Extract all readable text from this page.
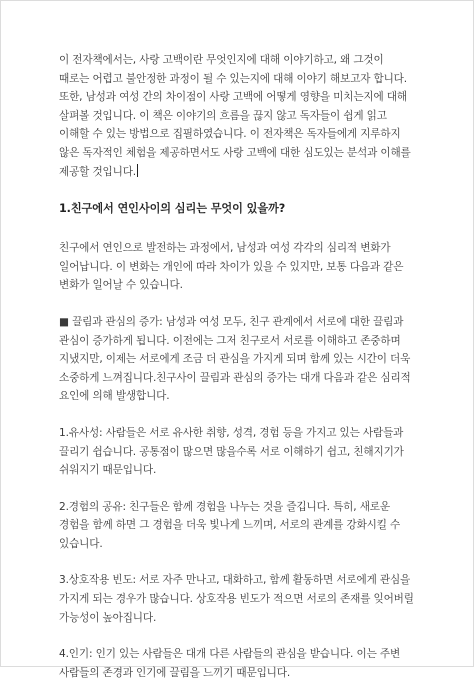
이 전자책에서는, 사랑 고백이란 무엇인지에 대해 이야기하고, 왜 그것이 때로는 어렵고 불안정한 과정이 될 수 있는지에 대해 이야기 해보고자 합니다. 또한, 남성과 여성 간의 차이점이 사랑 고백에 어떻게 영향을 미치는지에 대해 살펴볼 것입니다. 이 책은 이야기의 흐름을 끊지 않고 독자들이 쉽게 읽고 이해할 수 있는 방법으로 집필하였습니다. 이 전자책은 독자들에게 지루하지 않은 독자적인 체험을 제공하면서도 사랑 고백에 대한 심도있는 분석과 이해를 제공할 것입니다.

1.친구에서 연인사이의 심리는 무엇이 있을까?

친구에서 연인으로 발전하는 과정에서, 남성과 여성 각각의 심리적 변화가 일어납니다. 이 변화는 개인에 따라 차이가 있을 수 있지만, 보통 다음과 같은 변화가 일어날 수 있습니다.

■ 끌림과 관심의 증가: 남성과 여성 모두, 친구 관계에서 서로에 대한 끌림과 관심이 증가하게 됩니다. 이전에는 그저 친구로서 서로를 이해하고 존중하며 지냈지만, 이제는 서로에게 조금 더 관심을 가지게 되며 함께 있는 시간이 더욱 소중하게 느껴집니다.친구사이 끌림과 관심의 증가는 대개 다음과 같은 심리적 요인에 의해 발생합니다.

1.유사성: 사람들은 서로 유사한 취향, 성격, 경험 등을 가지고 있는 사람들과 끌리기 쉽습니다. 공통점이 많으면 많을수록 서로 이해하기 쉽고, 친해지기가 쉬워지기 때문입니다.

2.경험의 공유: 친구들은 함께 경험을 나누는 것을 즐깁니다. 특히, 새로운 경험을 함께 하면 그 경험을 더욱 빛나게 느끼며, 서로의 관계를 강화시킬 수 있습니다.

3.상호작용 빈도: 서로 자주 만나고, 대화하고, 함께 활동하면 서로에게 관심을 가지게 되는 경우가 많습니다. 상호작용 빈도가 적으면 서로의 존재를 잊어버릴 가능성이 높아집니다.

4.인기: 인기 있는 사람들은 대개 다른 사람들의 관심을 받습니다. 이는 주변 사람들의 존경과 인기에 끌림을 느끼기 때문입니다.
